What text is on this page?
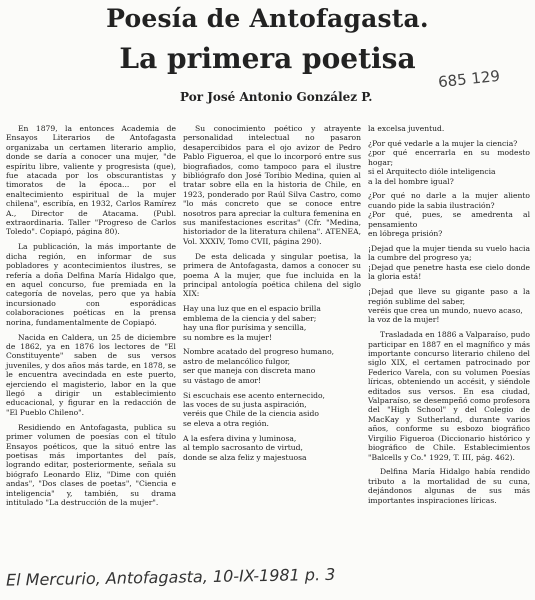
Poesía de Antofagasta.
La primera poetisa
685 129
Por José Antonio González P.

En 1879, la entonces Academia de Ensayos Literarios de Antofagasta organizaba un certamen literario amplio, donde se daría a conocer una mujer, "de espíritu libre, valiente y progresista (que), fue atacada por los obscurantistas y timoratos de la época... por el enaltecimiento espiritual de la mujer chilena", escribía, en 1932, Carlos Ramírez A., Director de Atacama. (Publ. extraordinaria. Taller "Progreso de Carlos Toledo". Copiapó, página 80).

La publicación, la más importante de dicha región, en informar de sus pobladores y acontecimientos ilustres, se refería a doña Delfina María Hidalgo que, en aquel concurso, fue premiada en la categoría de novelas, pero que ya había incursionado con esporádicas colaboraciones poéticas en la prensa norina, fundamentalmente de Copiapó.

Nacida en Caldera, un 25 de diciembre de 1862, ya en 1876 los lectores de "El Constituyente" saben de sus versos juveniles, y dos años más tarde, en 1878, se le encuentra avecindada en este puerto, ejerciendo el magisterio, labor en la que llegó a dirigir un establecimiento educacional, y figurar en la redacción de "El Pueblo Chileno".

Residiendo en Antofagasta, publica su primer volumen de poesías con el título Ensayos poéticos, que la situó entre las poetisas más importantes del país, logrando editar, posteriormente, señala su biógrafo Leonardo Eliz, "Dime con quién andas", "Dos clases de poetas", "Ciencia e inteligencia" y, también, su drama intitulado "La destrucción de la mujer".

Su conocimiento poético y atrayente personalidad intelectual no pasaron desapercibidos para el ojo avizor de Pedro Pablo Figueroa, el que lo incorporó entre sus biografiados, como tampoco para el ilustre bibliógrafo don José Toribio Medina, quien al tratar sobre ella en la historia de Chile, en 1923, ponderado por Raúl Silva Castro, como "lo más concreto que se conoce entre nosotros para apreciar la cultura femenina en sus manifestaciones escritas" (Cfr. "Medina, historiador de la literatura chilena". ATENEA, Vol. XXXIV, Tomo CVII, página 290).

De esta delicada y singular poetisa, la primera de Antofagasta, damos a conocer su poema A la mujer, que fue incluida en la principal antología poética chilena del siglo XIX:

Hay una luz que en el espacio brilla
emblema de la ciencia y del saber;
hay una flor purísima y sencilla,
su nombre es la mujer!
Nombre acatado del progreso humano,
astro de melancólico fulgor,
ser que maneja con discreta mano
su vástago de amor!
Si escuchais ese acento enternecido,
las voces de su justa aspiración,
veréis que Chile de la ciencia asido
se eleva a otra región.
A la esfera divina y luminosa,
al templo sacrosanto de virtud,
donde se alza feliz y majestuosa
la excelsa juventud.
¿Por qué vedarle a la mujer la ciencia?
¿por qué encerrarla en su modesto hogar;
si el Arquitecto dióle inteligencia
a la del hombre igual?
¿Por qué no darle a la mujer aliento cuando pide la sabia ilustración?
¿Por qué, pues, se amedrenta al pensamiento
en lóbrega prisión?
¡Dejad que la mujer tienda su vuelo hacia la cumbre del progreso ya;
¡Dejad que penetre hasta ese cielo donde la gloria está!
¡Dejad que lleve su gigante paso a la región sublime del saber,
veréis que crea un mundo, nuevo acaso,
la voz de la mujer!

Trasladada en 1886 a Valparaíso, pudo participar en 1887 en el magnífico y más importante concurso literario chileno del siglo XIX, el certamen patrocinado por Federico Varela, con su volumen Poesías líricas, obteniendo un accésit, y siéndole editados sus versos. En esa ciudad, Valparaíso, se desempeñó como profesora del "High School" y del Colegio de MacKay y Sutherland, durante varios años, conforme su esbozo biográfico Virgilio Figueroa (Diccionario histórico y biográfico de Chile. Establecimientos "Balcells y Co." 1929, T. III, pág. 462).

Delfina María Hidalgo había rendido tributo a la mortalidad de su cuna, dejándonos algunas de sus más importantes inspiraciones líricas.

El Mercurio, Antofagasta, 10-IX-1981 p. 3
